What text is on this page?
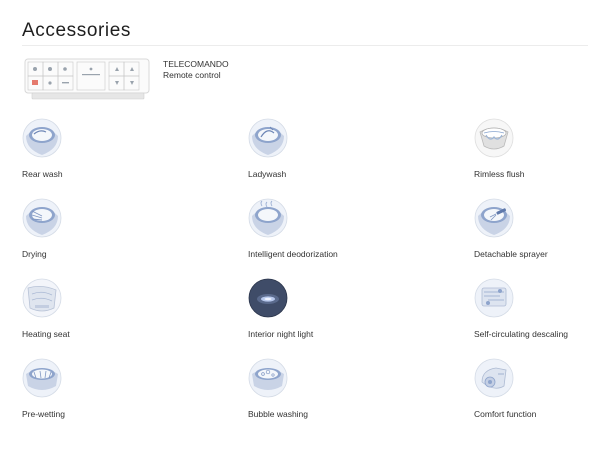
Accessories
TELECOMANDO
Remote control
Rear wash	Ladywash	Rimless flush
Drying	Intelligent deodorization	Detachable sprayer
Heating seat	Interior night light	Self-circulating descaling
Pre-wetting	Bubble washing	Comfort function
